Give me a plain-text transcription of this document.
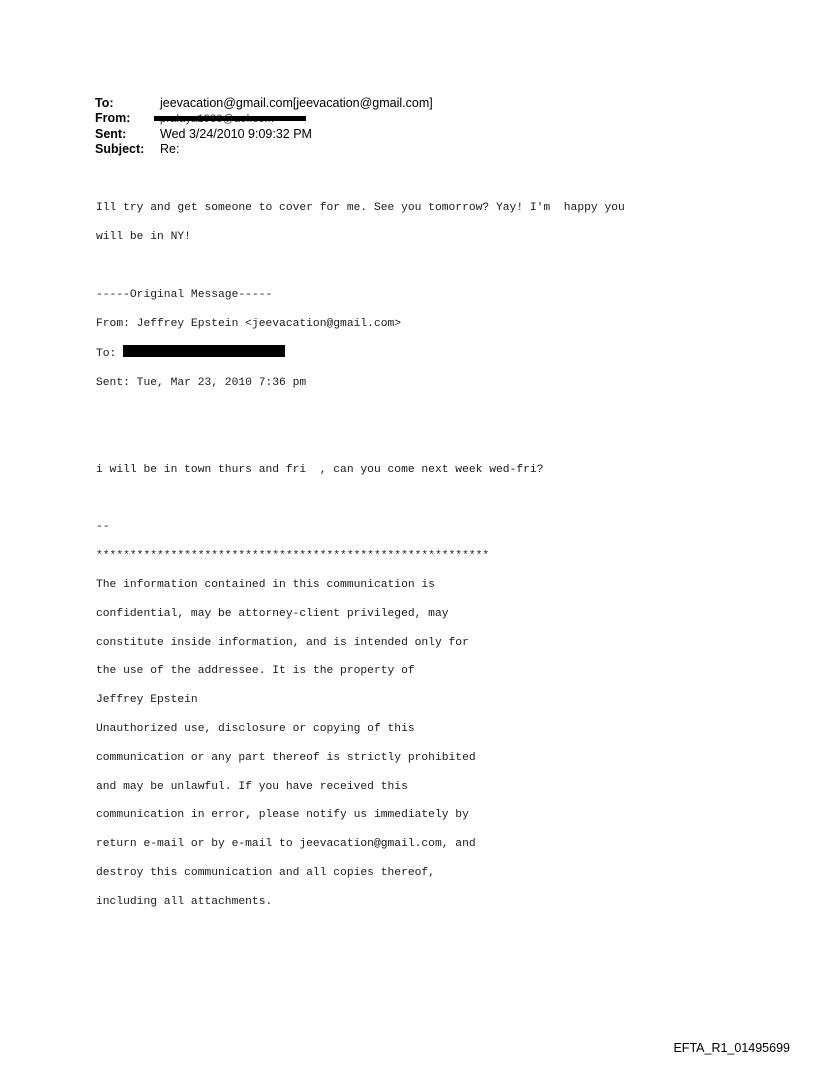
To:	jeevacation@gmail.com[jeevacation@gmail.com]
From:
Sent:	Wed 3/24/2010 9:09:32 PM
Subject:	Re:

Ill try and get someone to cover for me. See you tomorrow? Yay! I'm  happy you

will be in NY!

-----Original Message-----

From: Jeffrey Epstein <jeevacation@gmail.com>

To:

Sent: Tue, Mar 23, 2010 7:36 pm

i will be in town thurs and fri  , can you come next week wed-fri?

--

**********************************************************

The information contained in this communication is

confidential, may be attorney-client privileged, may

constitute inside information, and is intended only for

the use of the addressee. It is the property of

Jeffrey Epstein

Unauthorized use, disclosure or copying of this

communication or any part thereof is strictly prohibited

and may be unlawful. If you have received this

communication in error, please notify us immediately by

return e-mail or by e-mail to jeevacation@gmail.com, and

destroy this communication and all copies thereof,

including all attachments.

EFTA_R1_01495699
